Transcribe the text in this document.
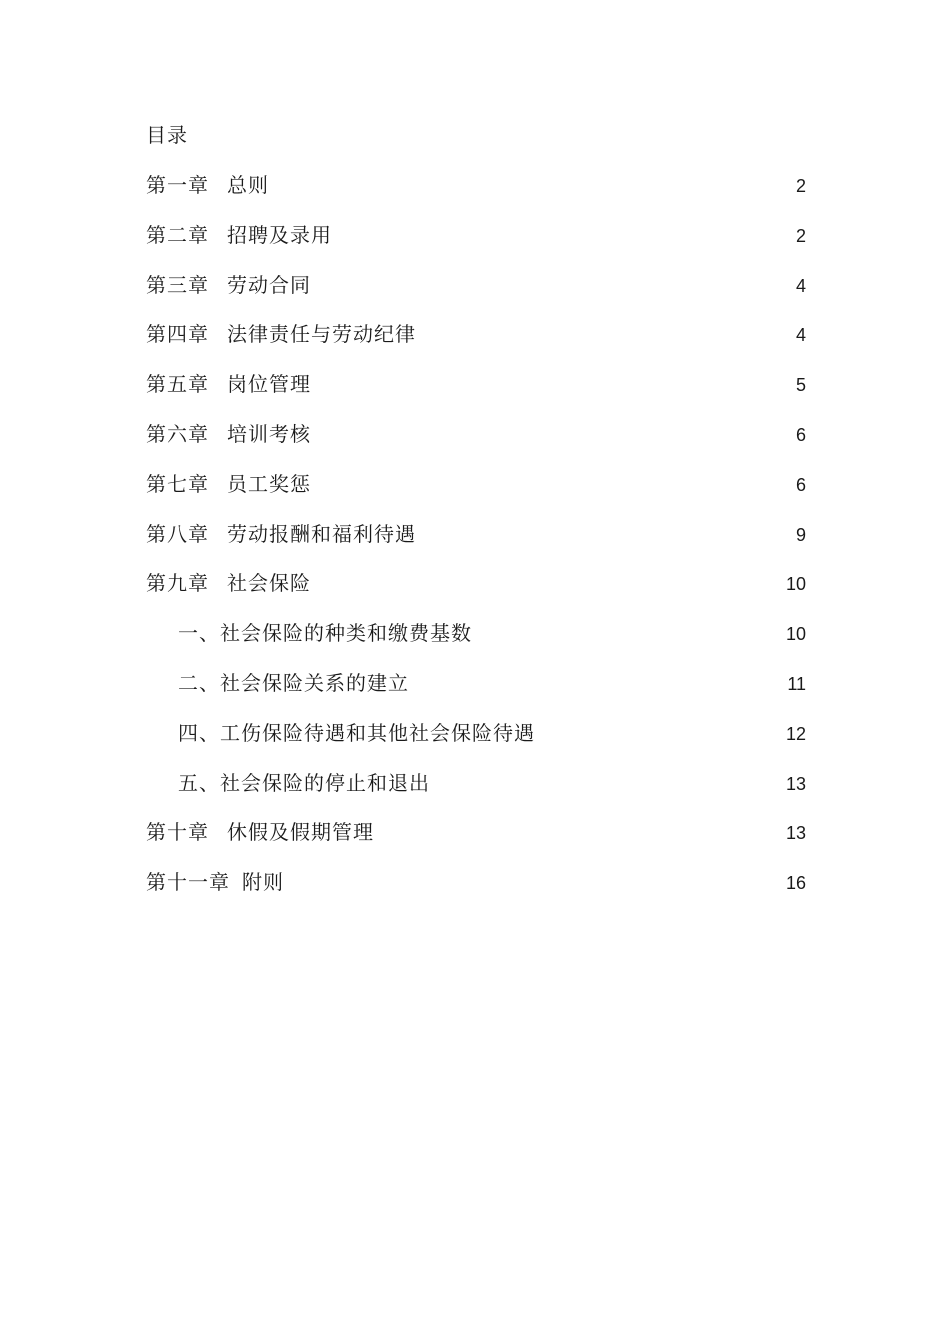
目录
第一章 总则	2
第二章 招聘及录用	2
第三章 劳动合同	4
第四章 法律责任与劳动纪律	4
第五章 岗位管理	5
第六章 培训考核	6
第七章 员工奖惩	6
第八章 劳动报酬和福利待遇	9
第九章 社会保险	10
一、社会保险的种类和缴费基数	10
二、社会保险关系的建立	11
四、工伤保险待遇和其他社会保险待遇	12
五、社会保险的停止和退出	13
第十章 休假及假期管理	13
第十一章 附则	16
